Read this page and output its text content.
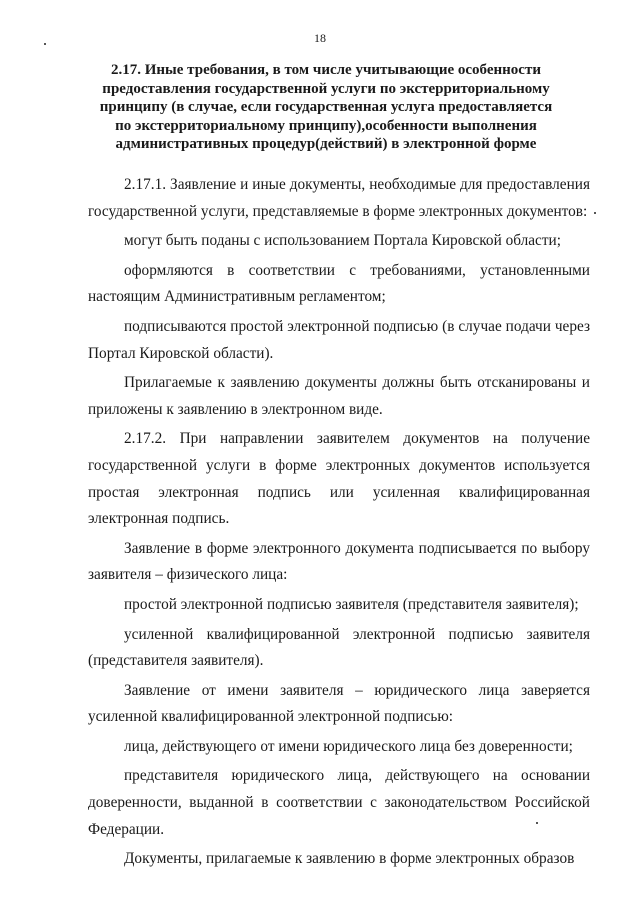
18
2.17. Иные требования, в том числе учитывающие особенности предоставления государственной услуги по экстерриториальному принципу (в случае, если государственная услуга предоставляется по экстерриториальному принципу),особенности выполнения административных процедур(действий) в электронной форме

2.17.1. Заявление и иные документы, необходимые для предоставления государственной услуги, представляемые в форме электронных документов:

могут быть поданы с использованием Портала Кировской области;

оформляются в соответствии с требованиями, установленными настоящим Административным регламентом;

подписываются простой электронной подписью (в случае подачи через Портал Кировской области).

Прилагаемые к заявлению документы должны быть отсканированы и приложены к заявлению в электронном виде.

2.17.2. При направлении заявителем документов на получение государственной услуги в форме электронных документов используется простая электронная подпись или усиленная квалифицированная электронная подпись.

Заявление в форме электронного документа подписывается по выбору заявителя – физического лица:

простой электронной подписью заявителя (представителя заявителя);

усиленной квалифицированной электронной подписью заявителя (представителя заявителя).

Заявление от имени заявителя – юридического лица заверяется усиленной квалифицированной электронной подписью:

лица, действующего от имени юридического лица без доверенности;

представителя юридического лица, действующего на основании доверенности, выданной в соответствии с законодательством Российской Федерации.

Документы, прилагаемые к заявлению в форме электронных образов
